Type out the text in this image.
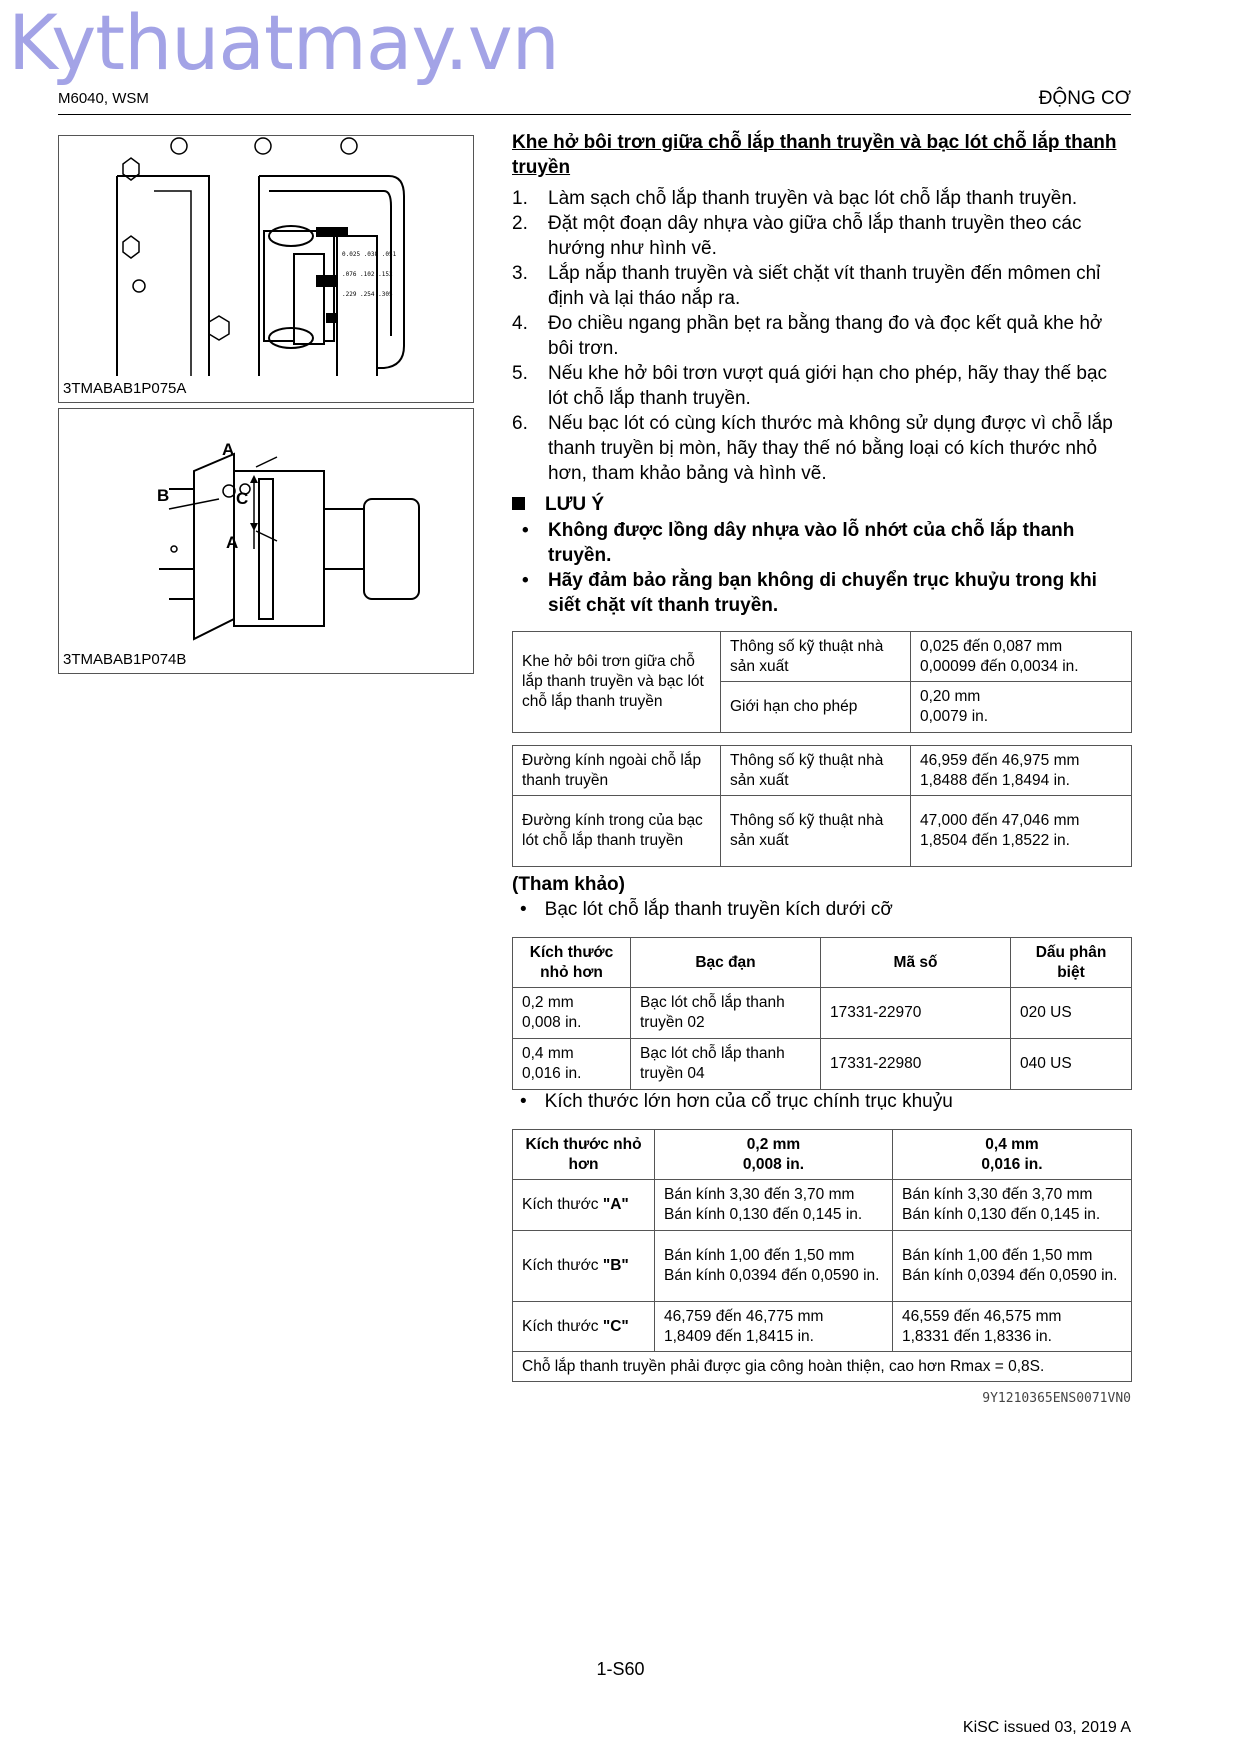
Kythuatmay.vn
M6040, WSM	ĐỘNG CƠ
0.025 .038 .051
.076 .102 .152
.229 .254 .305
3TMABAB1P075A
A
B	C
A
3TMABAB1P074B
Khe hở bôi trơn giữa chỗ lắp thanh truyền và bạc lót chỗ lắp thanh truyền
1. Làm sạch chỗ lắp thanh truyền và bạc lót chỗ lắp thanh truyền.
2. Đặt một đoạn dây nhựa vào giữa chỗ lắp thanh truyền theo các hướng như hình vẽ.
3. Lắp nắp thanh truyền và siết chặt vít thanh truyền đến mômen chỉ định và lại tháo nắp ra.
4. Đo chiều ngang phần bẹt ra bằng thang đo và đọc kết quả khe hở bôi trơn.
5. Nếu khe hở bôi trơn vượt quá giới hạn cho phép, hãy thay thế bạc lót chỗ lắp thanh truyền.
6. Nếu bạc lót có cùng kích thước mà không sử dụng được vì chỗ lắp thanh truyền bị mòn, hãy thay thế nó bằng loại có kích thước nhỏ hơn, tham khảo bảng và hình vẽ.
LƯU Ý
• Không được lồng dây nhựa vào lỗ nhớt của chỗ lắp thanh truyền.
• Hãy đảm bảo rằng bạn không di chuyển trục khuỷu trong khi siết chặt vít thanh truyền.
Khe hở bôi trơn giữa chỗ lắp thanh truyền và bạc lót chỗ lắp thanh truyền	Thông số kỹ thuật nhà sản xuất	0,025 đến 0,087 mm
0,00099 đến 0,0034 in.
	Giới hạn cho phép	0,20 mm
0,0079 in.
Đường kính ngoài chỗ lắp thanh truyền	Thông số kỹ thuật nhà sản xuất	46,959 đến 46,975 mm
1,8488 đến 1,8494 in.
Đường kính trong của bạc lót chỗ lắp thanh truyền	Thông số kỹ thuật nhà sản xuất	47,000 đến 47,046 mm
1,8504 đến 1,8522 in.
(Tham khảo)
• Bạc lót chỗ lắp thanh truyền kích dưới cỡ
Kích thước nhỏ hơn	Bạc đạn	Mã số	Dấu phân biệt
0,2 mm
0,008 in.	Bạc lót chỗ lắp thanh truyền 02	17331-22970	020 US
0,4 mm
0,016 in.	Bạc lót chỗ lắp thanh truyền 04	17331-22980	040 US
• Kích thước lớn hơn của cổ trục chính trục khuỷu
Kích thước nhỏ hơn	0,2 mm
0,008 in.	0,4 mm
0,016 in.
Kích thước "A"	Bán kính 3,30 đến 3,70 mm
Bán kính 0,130 đến 0,145 in.	Bán kính 3,30 đến 3,70 mm
Bán kính 0,130 đến 0,145 in.
Kích thước "B"	Bán kính 1,00 đến 1,50 mm
Bán kính 0,0394 đến 0,0590 in.	Bán kính 1,00 đến 1,50 mm
Bán kính 0,0394 đến 0,0590 in.
Kích thước "C"	46,759 đến 46,775 mm
1,8409 đến 1,8415 in.	46,559 đến 46,575 mm
1,8331 đến 1,8336 in.
Chỗ lắp thanh truyền phải được gia công hoàn thiện, cao hơn Rmax = 0,8S.		
9Y1210365ENS0071VN0
1-S60
KiSC issued 03, 2019 A
